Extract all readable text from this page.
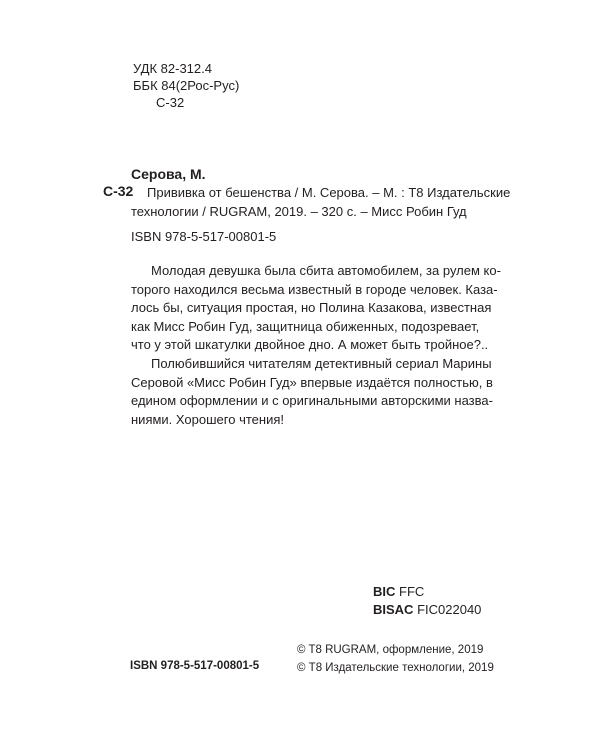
УДК 82-312.4
ББК 84(2Рос-Рус)
С-32
Серова, М.
С-32	Прививка от бешенства / М. Серова. – М. : Т8 Издательские
технологии / RUGRAM, 2019. – 320 с. – Мисс Робин Гуд
ISBN 978-5-517-00801-5
Молодая девушка была сбита автомобилем, за рулем ко-
торого находился весьма известный в городе человек. Каза-
лось бы, ситуация простая, но Полина Казакова, известная
как Мисс Робин Гуд, защитница обиженных, подозревает,
что у этой шкатулки двойное дно. А может быть тройное?..
Полюбившийся читателям детективный сериал Марины
Серовой «Мисс Робин Гуд» впервые издаётся полностью, в
едином оформлении и с оригинальными авторскими назва-
ниями. Хорошего чтения!
BIC FFC
BISAC FIC022040
© T8 RUGRAM, оформление, 2019
© Т8 Издательские технологии, 2019
ISBN 978-5-517-00801-5
